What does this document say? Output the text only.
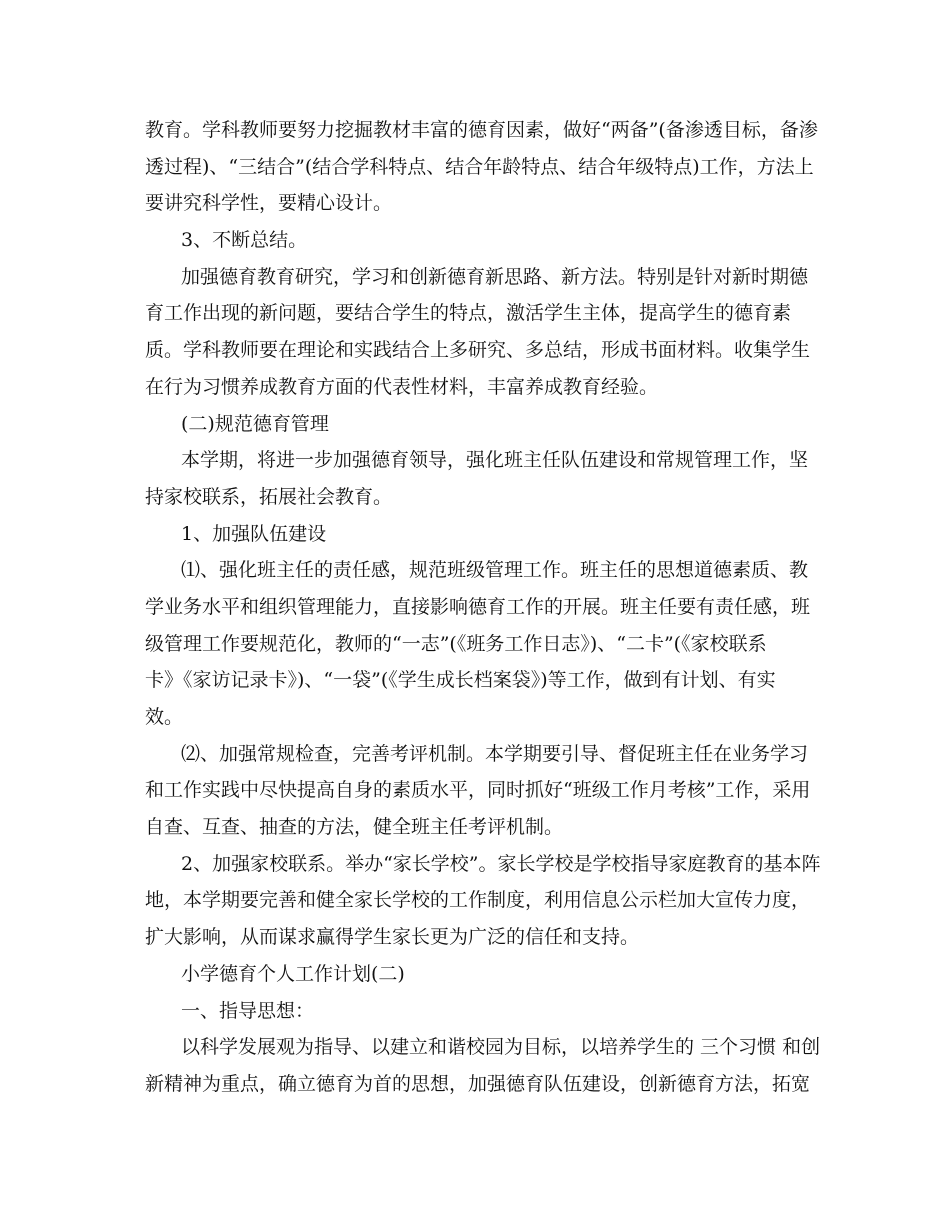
教育。学科教师要努力挖掘教材丰富的德育因素，做好“两备”(备渗透目标，备渗
透过程)、“三结合”(结合学科特点、结合年龄特点、结合年级特点)工作，方法上
要讲究科学性，要精心设计。
3、不断总结。
加强德育教育研究，学习和创新德育新思路、新方法。特别是针对新时期德
育工作出现的新问题，要结合学生的特点，激活学生主体，提高学生的德育素
质。学科教师要在理论和实践结合上多研究、多总结，形成书面材料。收集学生
在行为习惯养成教育方面的代表性材料，丰富养成教育经验。
(二)规范德育管理
本学期，将进一步加强德育领导，强化班主任队伍建设和常规管理工作，坚
持家校联系，拓展社会教育。
1、加强队伍建设
⑴、强化班主任的责任感，规范班级管理工作。班主任的思想道德素质、教
学业务水平和组织管理能力，直接影响德育工作的开展。班主任要有责任感，班
级管理工作要规范化，教师的“一志”(《班务工作日志》)、“二卡”(《家校联系
卡》《家访记录卡》)、“一袋”(《学生成长档案袋》)等工作，做到有计划、有实
效。
⑵、加强常规检查，完善考评机制。本学期要引导、督促班主任在业务学习
和工作实践中尽快提高自身的素质水平，同时抓好“班级工作月考核”工作，采用
自查、互查、抽查的方法，健全班主任考评机制。
2、加强家校联系。举办“家长学校”。家长学校是学校指导家庭教育的基本阵
地，本学期要完善和健全家长学校的工作制度，利用信息公示栏加大宣传力度，
扩大影响，从而谋求赢得学生家长更为广泛的信任和支持。
小学德育个人工作计划(二)
一、指导思想：
以科学发展观为指导、以建立和谐校园为目标，以培养学生的 三个习惯 和创
新精神为重点，确立德育为首的思想，加强德育队伍建设，创新德育方法，拓宽
